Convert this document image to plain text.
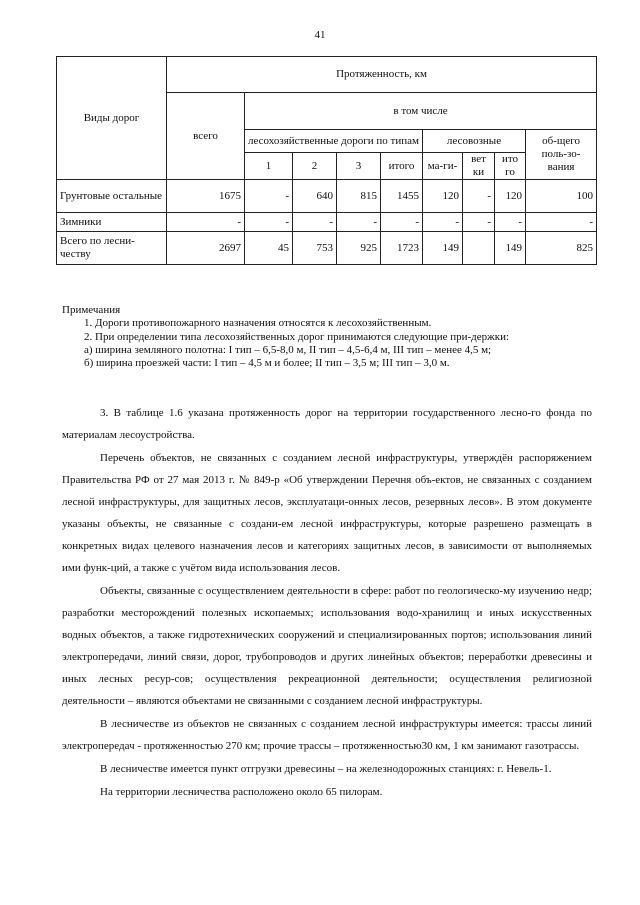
41
Виды дорог	Протяженность, км								
	всего	в том числе							
		лесохозяйственные дороги по типам				лесовозные			об-щего поль-зо-вания
		1	2	3	итого	ма-ги-	вет ки	ито го	
Грунтовые остальные	1675	-	640	815	1455	120	-	120	100
Зимники	-	-	-	-	-	-	-	-	-
Всего по лесни-честву	2697	45	753	925	1723	149		149	825
Примечания
1. Дороги противопожарного назначения относятся к лесохозяйственным.
2. При определении типа лесохозяйственных дорог принимаются следующие при-держки:
а) ширина земляного полотна: I тип – 6,5-8,0 м, II тип – 4,5-6,4 м, III тип – менее 4,5 м;
б) ширина проезжей части: I тип – 4,5 м и более; II тип – 3,5 м; III тип – 3,0 м.

3. В таблице 1.6 указана протяженность дорог на территории государственного лесно-го фонда по материалам лесоустройства.

Перечень объектов, не связанных с созданием лесной инфраструктуры, утверждён распоряжением Правительства РФ от 27 мая 2013 г. № 849-р «Об утверждении Перечня объ-ектов, не связанных с созданием лесной инфраструктуры, для защитных лесов, эксплуатаци-онных лесов, резервных лесов». В этом документе указаны объекты, не связанные с создани-ем лесной инфраструктуры, которые разрешено размещать в конкретных видах целевого назначения лесов и категориях защитных лесов, в зависимости от выполняемых ими функ-ций, а также с учётом вида использования лесов.

Объекты, связанные с осуществлением деятельности в сфере: работ по геологическо-му изучению недр; разработки месторождений полезных ископаемых; использования водо-хранилищ и иных искусственных водных объектов, а также гидротехнических сооружений и специализированных портов; использования линий электропередачи, линий связи, дорог, трубопроводов и других линейных объектов; переработки древесины и иных лесных ресур-сов; осуществления рекреационной деятельности; осуществления религиозной деятельности – являются объектами не связанными с созданием лесной инфраструктуры.

В лесничестве из объектов не связанных с созданием лесной инфраструктуры имеется: трассы линий электропередач - протяженностью 270 км; прочие трассы – протяженностью30 км, 1 км занимают газотрассы.

В лесничестве имеется пункт отгрузки древесины – на железнодорожных станциях: г. Невель-1.

На территории лесничества расположено около 65 пилорам.
